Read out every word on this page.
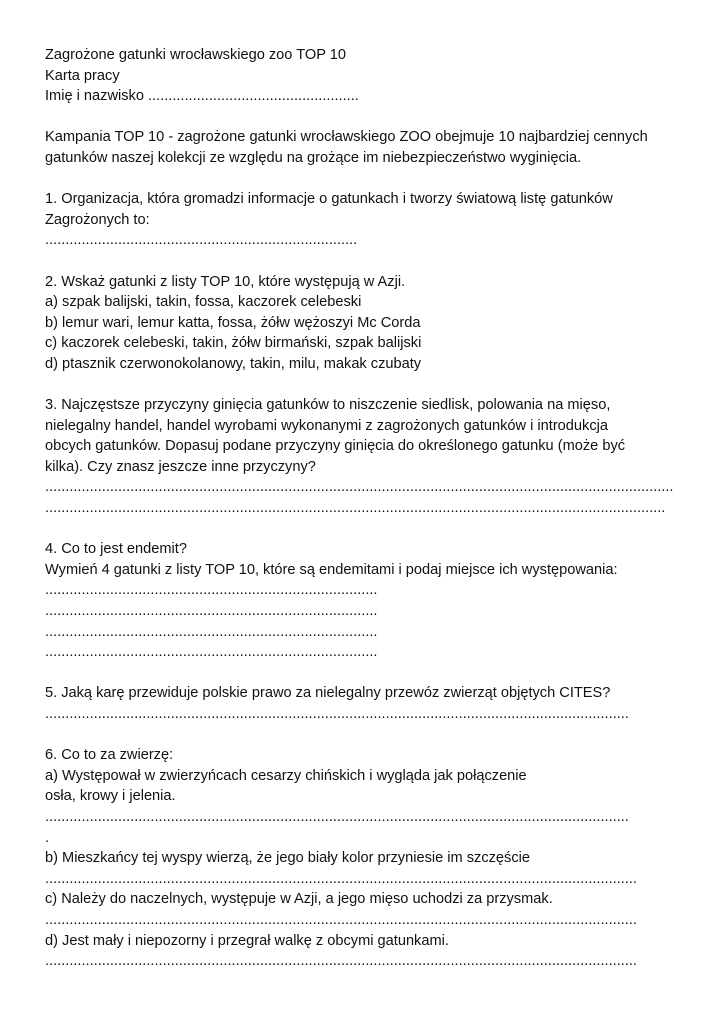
Zagrożone gatunki wrocławskiego zoo TOP 10
Karta pracy
Imię i nazwisko ....................................................
Kampania TOP 10 - zagrożone gatunki wrocławskiego ZOO obejmuje 10 najbardziej cennych
gatunków naszej kolekcji ze względu na grożące im niebezpieczeństwo wyginięcia.
1. Organizacja, która gromadzi informacje o gatunkach i tworzy światową listę gatunków
Zagrożonych to:
.............................................................................
2. Wskaż gatunki z listy TOP 10, które występują w Azji.
a) szpak balijski, takin, fossa, kaczorek celebeski
b) lemur wari, lemur katta, fossa, żółw wężoszyi Mc Corda
c) kaczorek celebeski, takin, żółw birmański, szpak balijski
d) ptasznik czerwonokolanowy, takin, milu, makak czubaty
3. Najczęstsze przyczyny ginięcia gatunków to niszczenie siedlisk, polowania na mięso,
nielegalny handel, handel wyrobami wykonanymi z zagrożonych gatunków i introdukcja
obcych gatunków. Dopasuj podane przyczyny ginięcia do określonego gatunku (może być
kilka). Czy znasz jeszcze inne przyczyny?
...........................................................................................................................................................
.........................................................................................................................................................
4. Co to jest endemit?
Wymień 4 gatunki z listy TOP 10, które są endemitami i podaj miejsce ich występowania:
..................................................................................
..................................................................................
..................................................................................
..................................................................................
5. Jaką karę przewiduje polskie prawo za nielegalny przewóz zwierząt objętych CITES?
................................................................................................................................................
6. Co to za zwierzę:
a) Występował w zwierzyńcach cesarzy chińskich i wygląda jak połączenie
osła, krowy i jelenia.
................................................................................................................................................
.
b) Mieszkańcy tej wyspy wierzą, że jego biały kolor przyniesie im szczęście
..................................................................................................................................................
c) Należy do naczelnych, występuje w Azji, a jego mięso uchodzi za przysmak.
..................................................................................................................................................
d) Jest mały i niepozorny i przegrał walkę z obcymi gatunkami.
..................................................................................................................................................
